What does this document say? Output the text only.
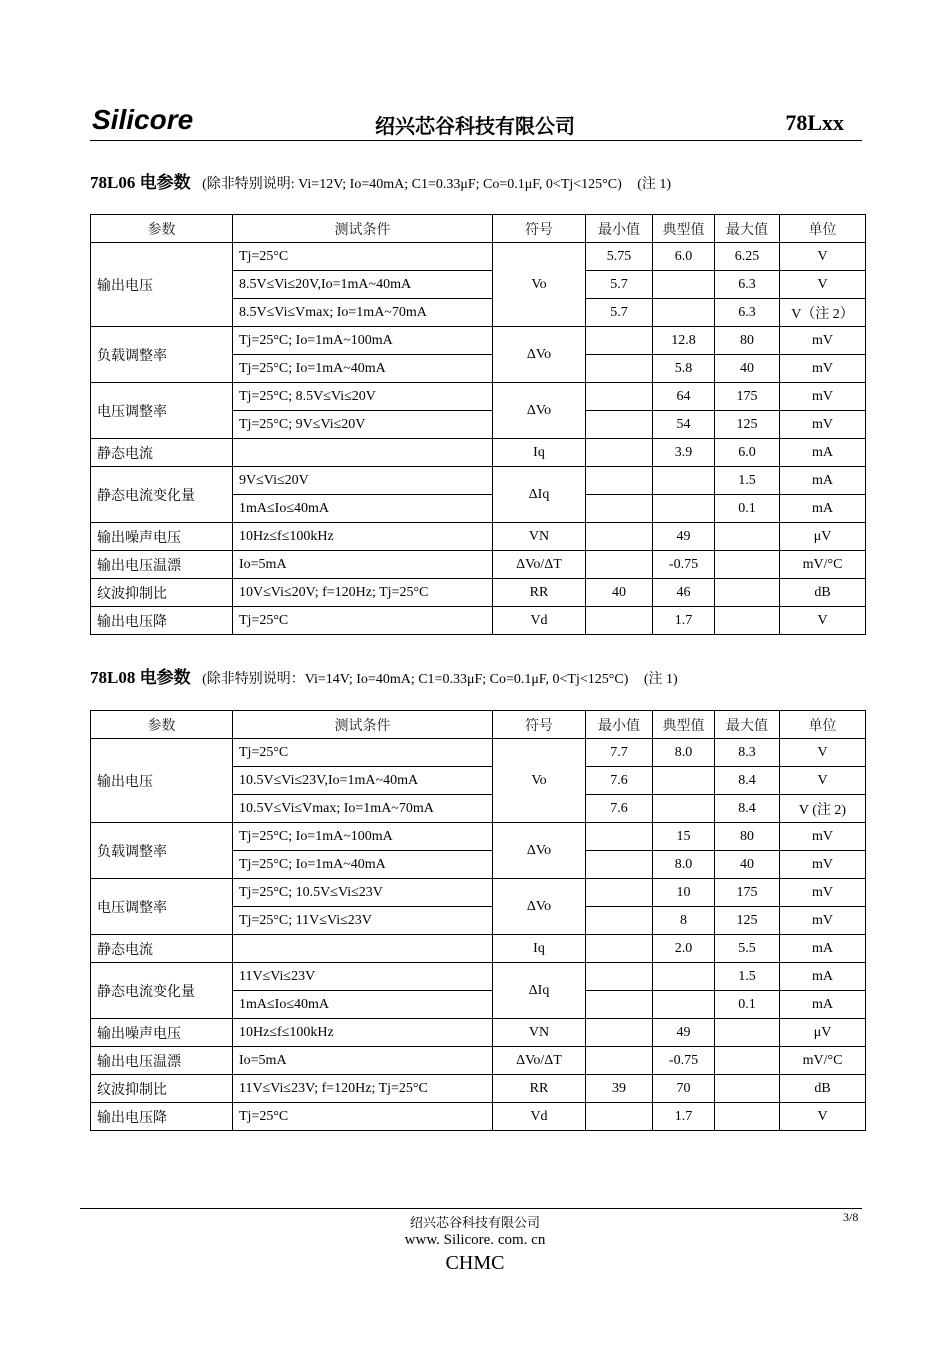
Silicore	绍兴芯谷科技有限公司	78Lxx
78L06 电参数 (除非特别说明: Vi=12V; Io=40mA; C1=0.33μF; Co=0.1μF, 0<Tj<125°C) (注 1)
参数	测试条件	符号	最小值	典型值	最大值	单位
输出电压	Tj=25°C	Vo	5.75	6.0	6.25	V
	8.5V≤Vi≤20V,Io=1mA~40mA		5.7		6.3	V
	8.5V≤Vi≤Vmax; Io=1mA~70mA		5.7		6.3	V（注 2）
负载调整率	Tj=25°C; Io=1mA~100mA	ΔVo		12.8	80	mV
	Tj=25°C; Io=1mA~40mA			5.8	40	mV
电压调整率	Tj=25°C; 8.5V≤Vi≤20V	ΔVo		64	175	mV
	Tj=25°C; 9V≤Vi≤20V			54	125	mV
静态电流		Iq		3.9	6.0	mA
静态电流变化量	9V≤Vi≤20V	ΔIq			1.5	mA
	1mA≤Io≤40mA				0.1	mA
输出噪声电压	10Hz≤f≤100kHz	VN		49		μV
输出电压温漂	Io=5mA	ΔVo/ΔT		-0.75		mV/°C
纹波抑制比	10V≤Vi≤20V; f=120Hz; Tj=25°C	RR	40	46		dB
输出电压降	Tj=25°C	Vd		1.7		V
78L08 电参数 (除非特别说明：Vi=14V; Io=40mA; C1=0.33μF; Co=0.1μF, 0<Tj<125°C) (注 1)
参数	测试条件	符号	最小值	典型值	最大值	单位
输出电压	Tj=25°C	Vo	7.7	8.0	8.3	V
	10.5V≤Vi≤23V,Io=1mA~40mA		7.6		8.4	V
	10.5V≤Vi≤Vmax; Io=1mA~70mA		7.6		8.4	V (注 2)
负载调整率	Tj=25°C; Io=1mA~100mA	ΔVo		15	80	mV
	Tj=25°C; Io=1mA~40mA			8.0	40	mV
电压调整率	Tj=25°C; 10.5V≤Vi≤23V	ΔVo		10	175	mV
	Tj=25°C; 11V≤Vi≤23V			8	125	mV
静态电流		Iq		2.0	5.5	mA
静态电流变化量	11V≤Vi≤23V	ΔIq			1.5	mA
	1mA≤Io≤40mA				0.1	mA
输出噪声电压	10Hz≤f≤100kHz	VN		49		μV
输出电压温漂	Io=5mA	ΔVo/ΔT		-0.75		mV/°C
纹波抑制比	11V≤Vi≤23V; f=120Hz; Tj=25°C	RR	39	70		dB
输出电压降	Tj=25°C	Vd		1.7		V
绍兴芯谷科技有限公司	3/8
www. Silicore. com. cn
CHMC
